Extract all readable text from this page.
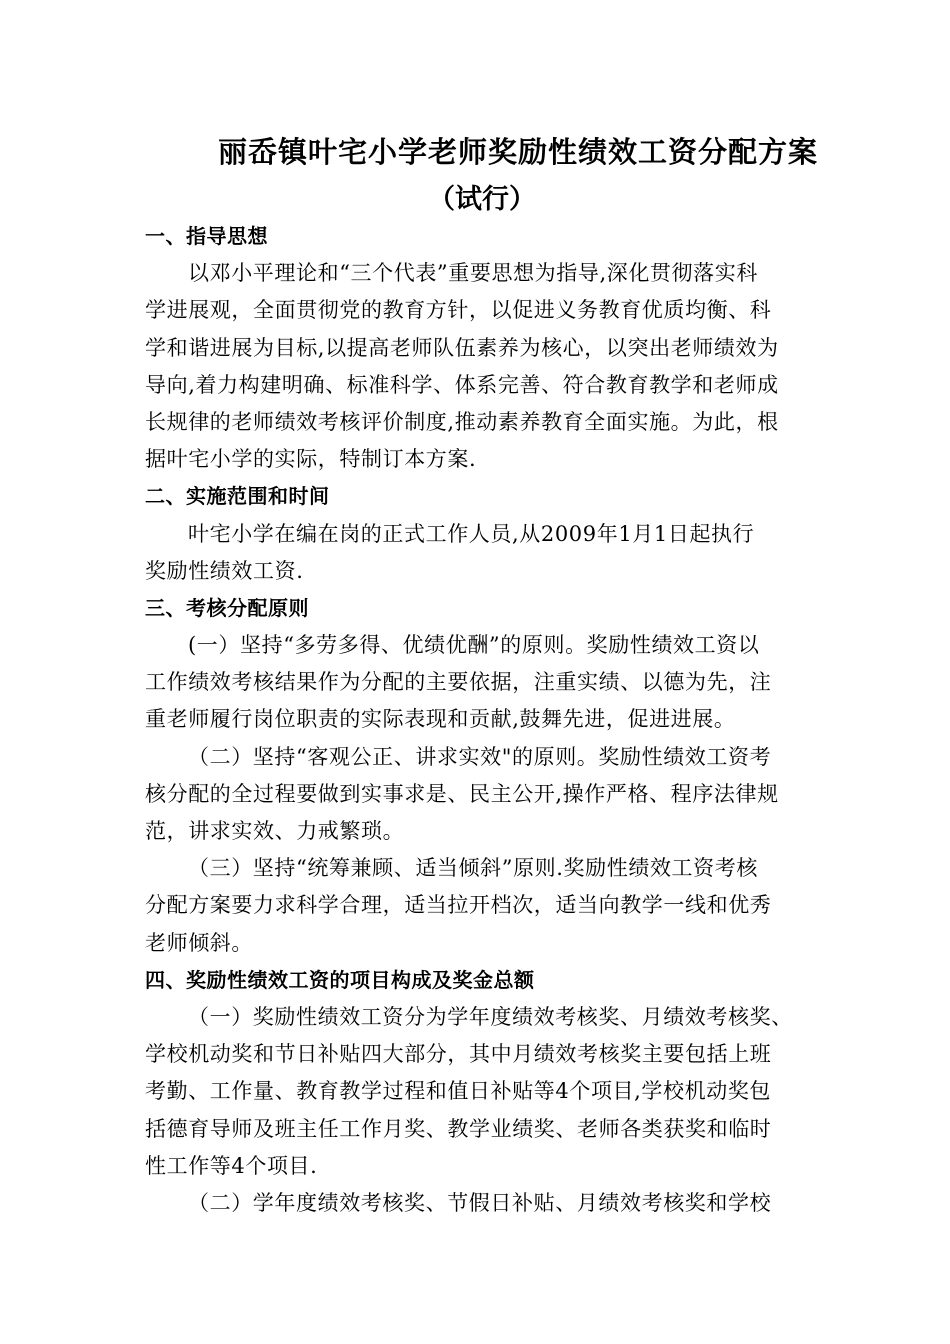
丽岙镇叶宅小学老师奖励性绩效工资分配方案
（试行）
一、指导思想
以邓小平理论和“三个代表”重要思想为指导,深化贯彻落实科
学进展观，全面贯彻党的教育方针，以促进义务教育优质均衡、科
学和谐进展为目标,以提高老师队伍素养为核心，以突出老师绩效为
导向,着力构建明确、标准科学、体系完善、符合教育教学和老师成
长规律的老师绩效考核评价制度,推动素养教育全面实施。为此，根
据叶宅小学的实际，特制订本方案.
二、实施范围和时间
叶宅小学在编在岗的正式工作人员,从2009年1月1日起执行
奖励性绩效工资.
三、考核分配原则
(一）坚持“多劳多得、优绩优酬”的原则。奖励性绩效工资以
工作绩效考核结果作为分配的主要依据，注重实绩、以德为先，注
重老师履行岗位职责的实际表现和贡献,鼓舞先进，促进进展。
（二）坚持“客观公正、讲求实效"的原则。奖励性绩效工资考
核分配的全过程要做到实事求是、民主公开,操作严格、程序法律规
范，讲求实效、力戒繁琐。
（三）坚持“统筹兼顾、适当倾斜”原则.奖励性绩效工资考核
分配方案要力求科学合理，适当拉开档次，适当向教学一线和优秀
老师倾斜。
四、奖励性绩效工资的项目构成及奖金总额
（一）奖励性绩效工资分为学年度绩效考核奖、月绩效考核奖、
学校机动奖和节日补贴四大部分，其中月绩效考核奖主要包括上班
考勤、工作量、教育教学过程和值日补贴等4个项目,学校机动奖包
括德育导师及班主任工作月奖、教学业绩奖、老师各类获奖和临时
性工作等4个项目.
（二）学年度绩效考核奖、节假日补贴、月绩效考核奖和学校
